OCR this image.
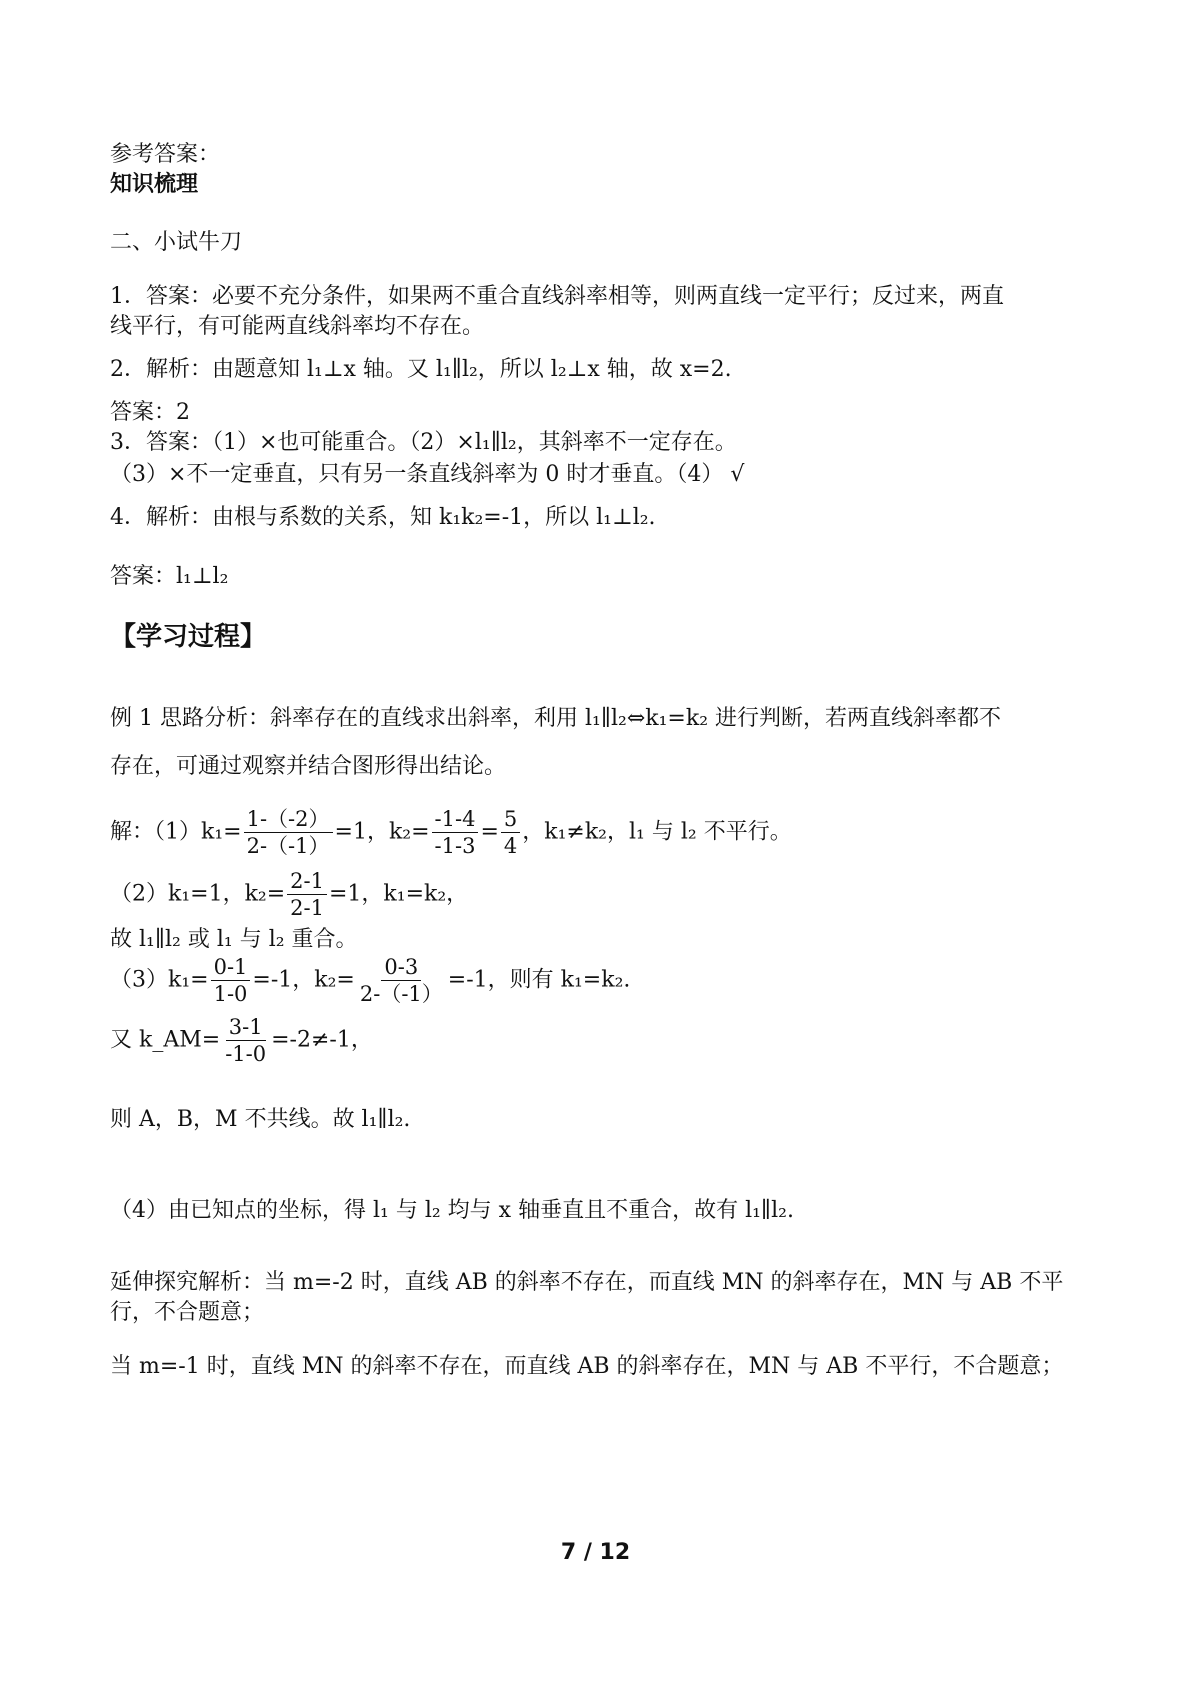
参考答案：
知识梳理
二、小试牛刀
1．答案：必要不充分条件，如果两不重合直线斜率相等，则两直线一定平行；反过来，两直
线平行，有可能两直线斜率均不存在。
2．解析：由题意知 l₁⊥x 轴。又 l₁∥l₂，所以 l₂⊥x 轴，故 x=2.
答案：2
3．答案：（1）×也可能重合。（2）×l₁∥l₂，其斜率不一定存在。
（3）×不一定垂直，只有另一条直线斜率为 0 时才垂直。（4） √
4．解析：由根与系数的关系，知 k₁k₂=-1，所以 l₁⊥l₂.
答案：l₁⊥l₂
【学习过程】
例 1 思路分析：斜率存在的直线求出斜率，利用 l₁∥l₂⇔k₁=k₂ 进行判断，若两直线斜率都不
存在，可通过观察并结合图形得出结论。
解：$(1)k_1= \frac{1-(-2)}{2-(-1)} =1$，$k_2= \frac{-1-4}{-1-3} = \frac{5}{4}$ ，k₁≠k₂，l₁ 与 l₂ 不平行。
（2）k₁=1，$k_2= \frac{2-1}{2-1} =1$，k₁=k₂，
故 l₁∥l₂ 或 l₁ 与 l₂ 重合。
$(3)k_1= \frac{0-1}{1-0} =-1$，$k_2= \frac{0-3}{2-(-1)} =-1$，则有 k₁=k₂.
又 k_AM= $\frac{3-1}{-1-0} =-2\ne-1$，
则 A，B，M 不共线。故 l₁∥l₂.
（4）由已知点的坐标，得 l₁ 与 l₂ 均与 x 轴垂直且不重合，故有 l₁∥l₂.
延伸探究解析：当 m=-2 时，直线 AB 的斜率不存在，而直线 MN 的斜率存在，MN 与 AB 不平
行，不合题意；
当 m=-1 时，直线 MN 的斜率不存在，而直线 AB 的斜率存在，MN 与 AB 不平行，不合题意；
7 / 12
